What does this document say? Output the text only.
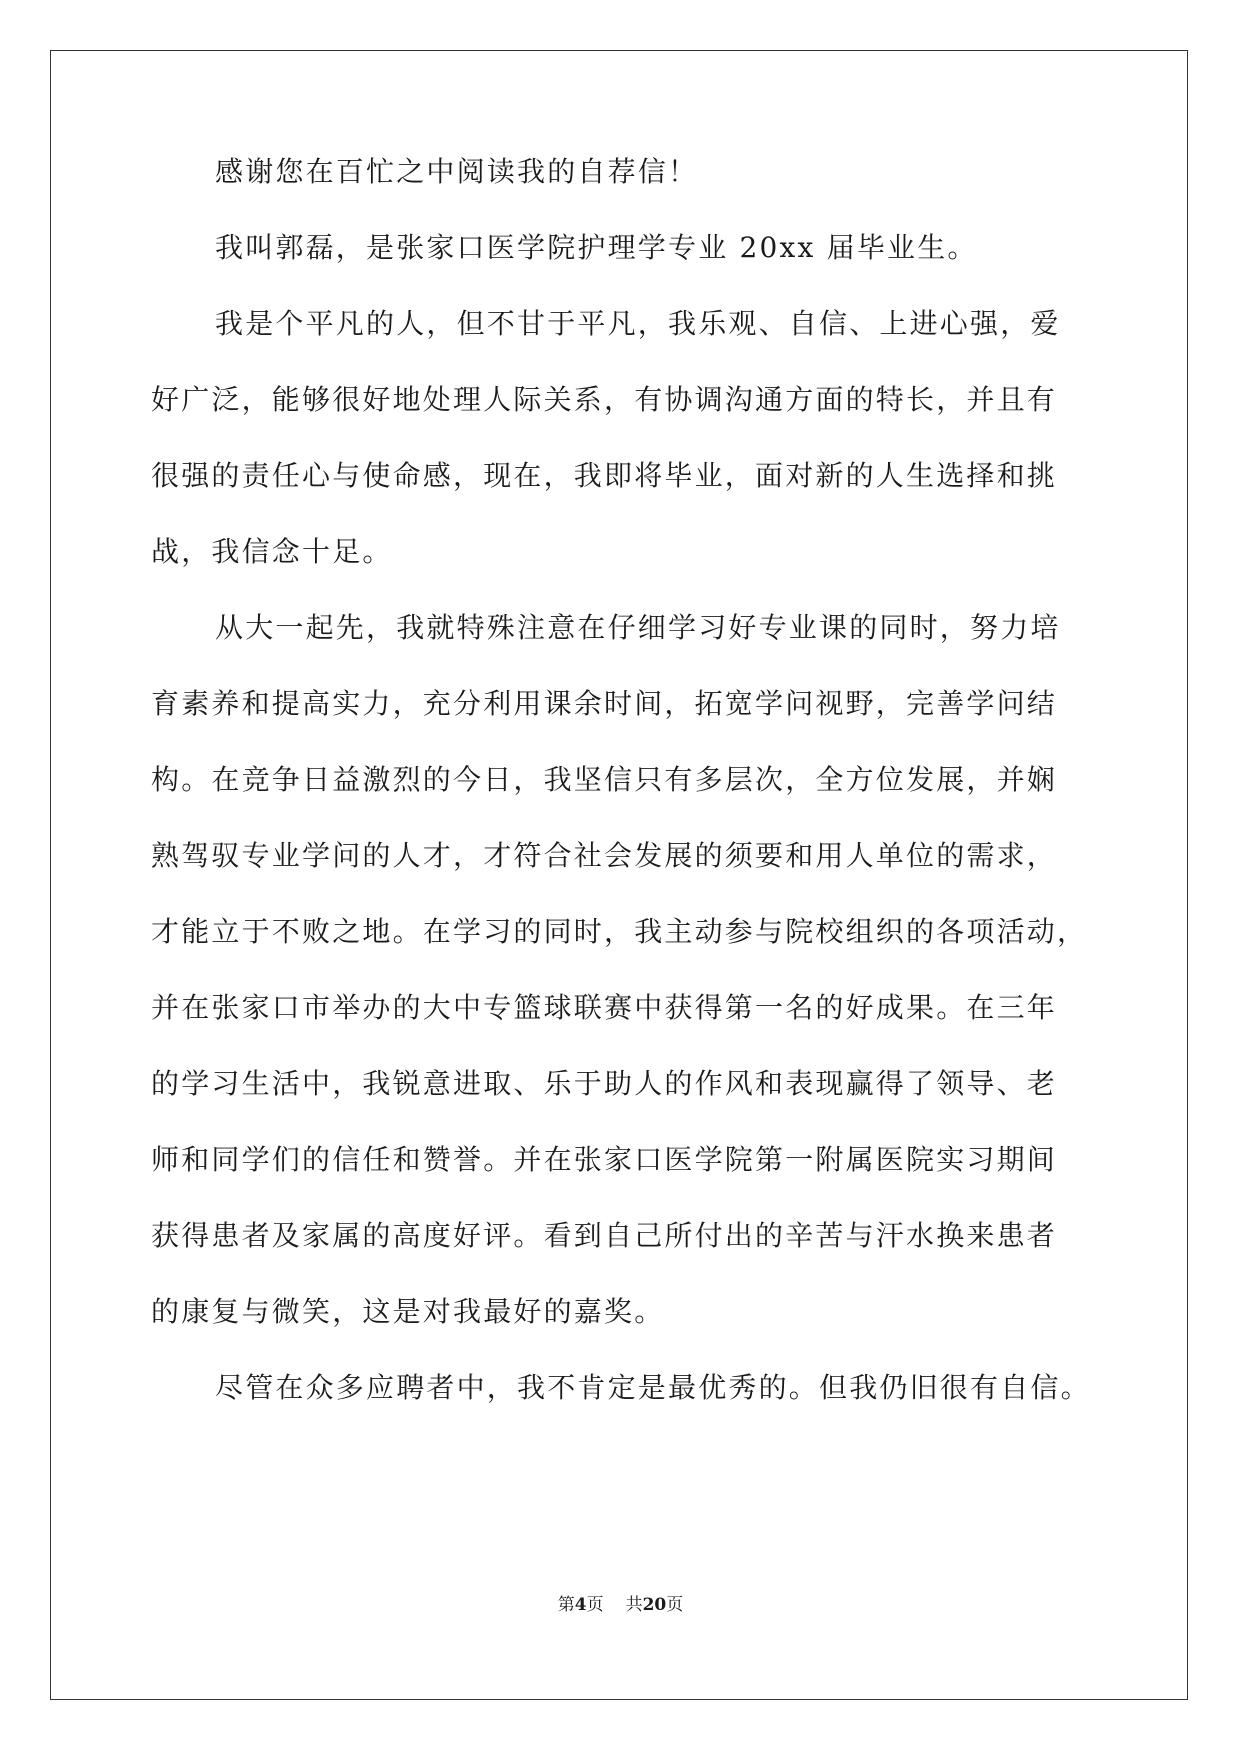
感谢您在百忙之中阅读我的自荐信！
我叫郭磊，是张家口医学院护理学专业 20xx 届毕业生。
我是个平凡的人，但不甘于平凡，我乐观、自信、上进心强，爱
好广泛，能够很好地处理人际关系，有协调沟通方面的特长，并且有
很强的责任心与使命感，现在，我即将毕业，面对新的人生选择和挑
战，我信念十足。
从大一起先，我就特殊注意在仔细学习好专业课的同时，努力培
育素养和提高实力，充分利用课余时间，拓宽学问视野，完善学问结
构。在竞争日益激烈的今日，我坚信只有多层次，全方位发展，并娴
熟驾驭专业学问的人才，才符合社会发展的须要和用人单位的需求，
才能立于不败之地。在学习的同时，我主动参与院校组织的各项活动，
并在张家口市举办的大中专篮球联赛中获得第一名的好成果。在三年
的学习生活中，我锐意进取、乐于助人的作风和表现赢得了领导、老
师和同学们的信任和赞誉。并在张家口医学院第一附属医院实习期间
获得患者及家属的高度好评。看到自己所付出的辛苦与汗水换来患者
的康复与微笑，这是对我最好的嘉奖。
尽管在众多应聘者中，我不肯定是最优秀的。但我仍旧很有自信。
第4页 共20页
